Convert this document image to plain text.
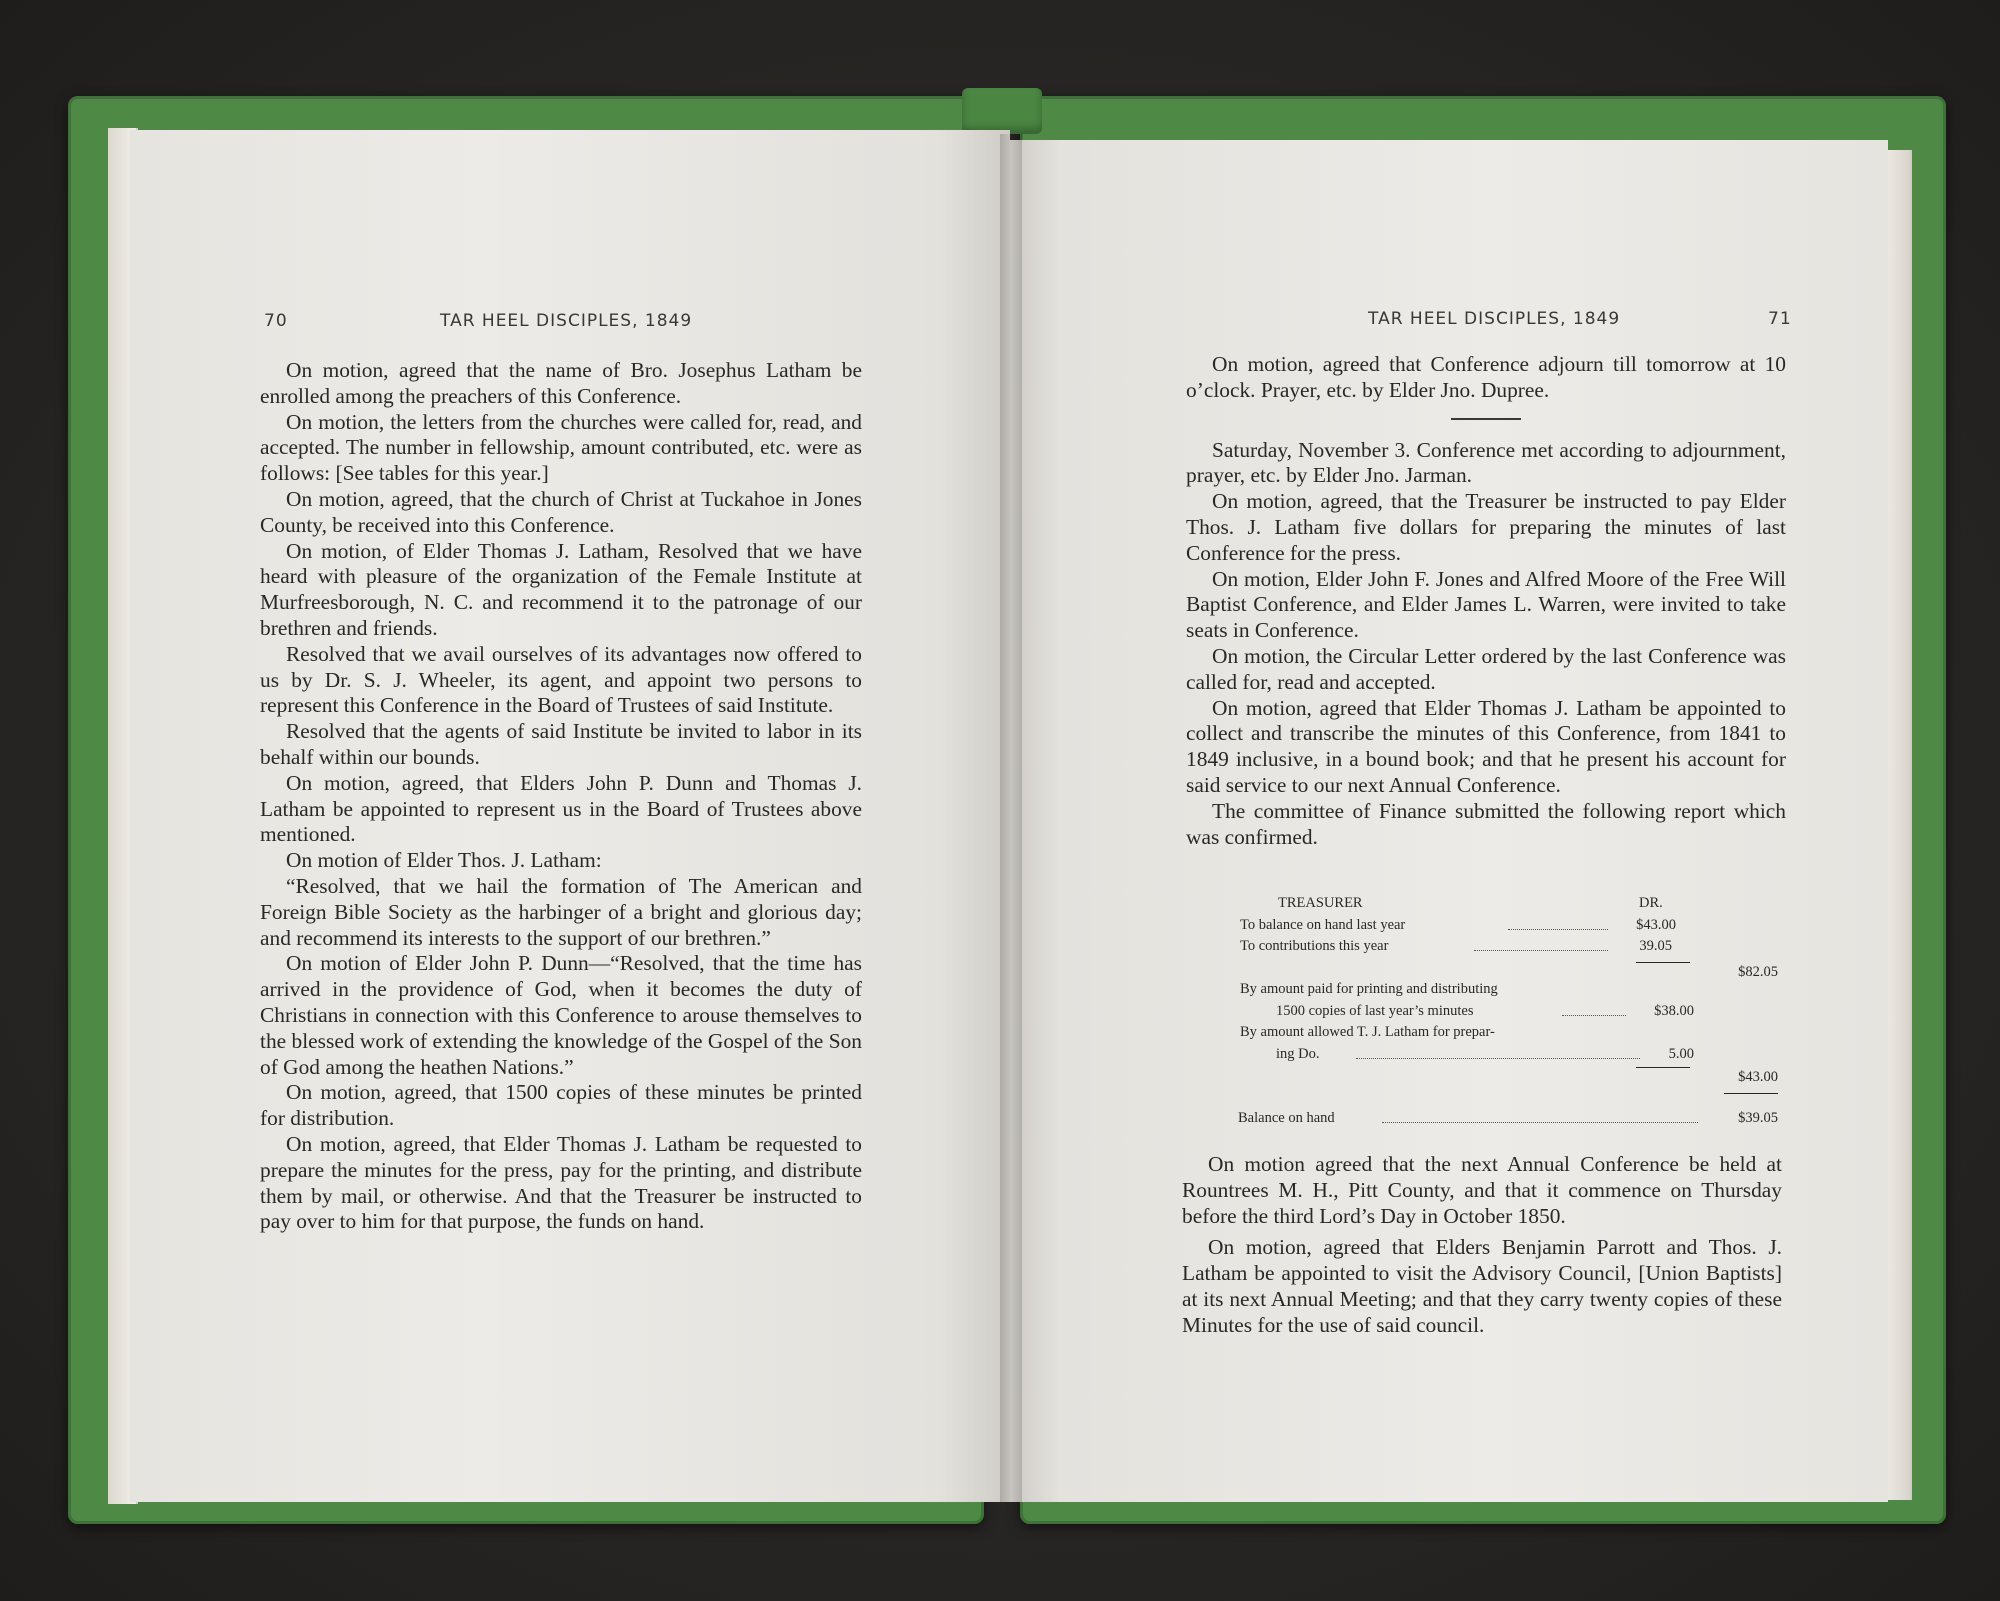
70	TAR HEEL DISCIPLES, 1849

On motion, agreed that the name of Bro. Josephus Latham be enrolled among the preachers of this Conference.

On motion, the letters from the churches were called for, read, and accepted. The number in fellowship, amount contributed, etc. were as follows: [See tables for this year.]

On motion, agreed, that the church of Christ at Tuckahoe in Jones County, be received into this Conference.

On motion, of Elder Thomas J. Latham, Resolved that we have heard with pleasure of the organization of the Female Institute at Murfreesborough, N. C. and recommend it to the patronage of our brethren and friends.

Resolved that we avail ourselves of its advantages now offered to us by Dr. S. J. Wheeler, its agent, and appoint two persons to represent this Conference in the Board of Trustees of said Institute.

Resolved that the agents of said Institute be invited to labor in its behalf within our bounds.

On motion, agreed, that Elders John P. Dunn and Thomas J. Latham be appointed to represent us in the Board of Trustees above mentioned.

On motion of Elder Thos. J. Latham:

“Resolved, that we hail the formation of The American and Foreign Bible Society as the harbinger of a bright and glorious day; and recommend its interests to the support of our brethren.”

On motion of Elder John P. Dunn—“Resolved, that the time has arrived in the providence of God, when it becomes the duty of Christians in connection with this Conference to arouse themselves to the blessed work of extending the knowledge of the Gospel of the Son of God among the heathen Nations.”

On motion, agreed, that 1500 copies of these minutes be printed for distribution.

On motion, agreed, that Elder Thomas J. Latham be requested to prepare the minutes for the press, pay for the printing, and distribute them by mail, or otherwise. And that the Treasurer be instructed to pay over to him for that purpose, the funds on hand.

TAR HEEL DISCIPLES, 1849	71

On motion, agreed that Conference adjourn till tomorrow at 10 o’clock. Prayer, etc. by Elder Jno. Dupree.

Saturday, November 3. Conference met according to adjournment, prayer, etc. by Elder Jno. Jarman.

On motion, agreed, that the Treasurer be instructed to pay Elder Thos. J. Latham five dollars for preparing the minutes of last Conference for the press.

On motion, Elder John F. Jones and Alfred Moore of the Free Will Baptist Conference, and Elder James L. Warren, were invited to take seats in Conference.

On motion, the Circular Letter ordered by the last Conference was called for, read and accepted.

On motion, agreed that Elder Thomas J. Latham be appointed to collect and transcribe the minutes of this Conference, from 1841 to 1849 inclusive, in a bound book; and that he present his account for said service to our next Annual Conference.

The committee of Finance submitted the following report which was confirmed.

TREASURER	DR.
To balance on hand last year	$43.00
To contributions this year	39.05
$82.05
By amount paid for printing and distributing
1500 copies of last year’s minutes	$38.00
By amount allowed T. J. Latham for prepar-
ing Do.	5.00
$43.00
Balance on hand	$39.05

On motion agreed that the next Annual Conference be held at Rountrees M. H., Pitt County, and that it commence on Thursday before the third Lord’s Day in October 1850.

On motion, agreed that Elders Benjamin Parrott and Thos. J. Latham be appointed to visit the Advisory Council, [Union Baptists] at its next Annual Meeting; and that they carry twenty copies of these Minutes for the use of said council.
